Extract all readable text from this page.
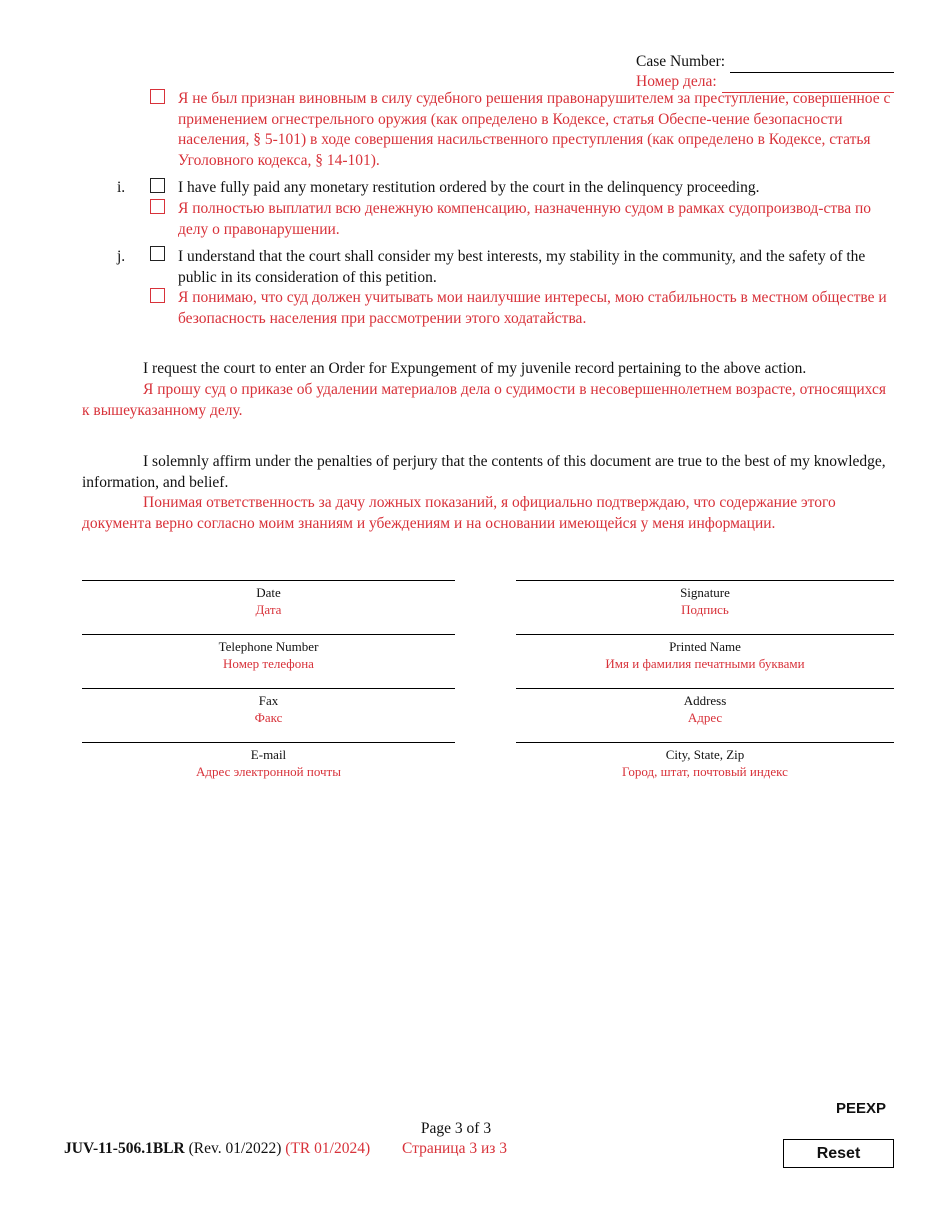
Case Number:
Номер дела:
Я не был признан виновным в силу судебного решения правонарушителем за преступление, совершенное с применением огнестрельного оружия (как определено в Кодексе, статья Обеспе-чение безопасности населения, § 5-101) в ходе совершения насильственного преступления (как определено в Кодексе, статья Уголовного кодекса, § 14-101).
i.	I have fully paid any monetary restitution ordered by the court in the delinquency proceeding.
Я полностью выплатил всю денежную компенсацию, назначенную судом в рамках судопроизвод-ства по делу о правонарушении.
j.	I understand that the court shall consider my best interests, my stability in the community, and the safety of the public in its consideration of this petition.
Я понимаю, что суд должен учитывать мои наилучшие интересы, мою стабильность в местном обществе и безопасность населения при рассмотрении этого ходатайства.
I request the court to enter an Order for Expungement of my juvenile record pertaining to the above action.
Я прошу суд о приказе об удалении материалов дела о судимости в несовершеннолетнем возрасте, относящихся к вышеуказанному делу.
I solemnly affirm under the penalties of perjury that the contents of this document are true to the best of my knowledge, information, and belief.
Понимая ответственность за дачу ложных показаний, я официально подтверждаю, что содержание этого документа верно согласно моим знаниям и убеждениям и на основании имеющейся у меня информации.
Date
Дата
Telephone Number
Номер телефона
Fax
Факс
E-mail
Адрес электронной почты
Signature
Подпись
Printed Name
Имя и фамилия печатными буквами
Address
Адрес
City, State, Zip
Город, штат, почтовый индекс
PEEXP
Page 3 of 3
JUV-11-506.1BLR (Rev. 01/2022) (TR 01/2024) Страница 3 из 3	Reset
